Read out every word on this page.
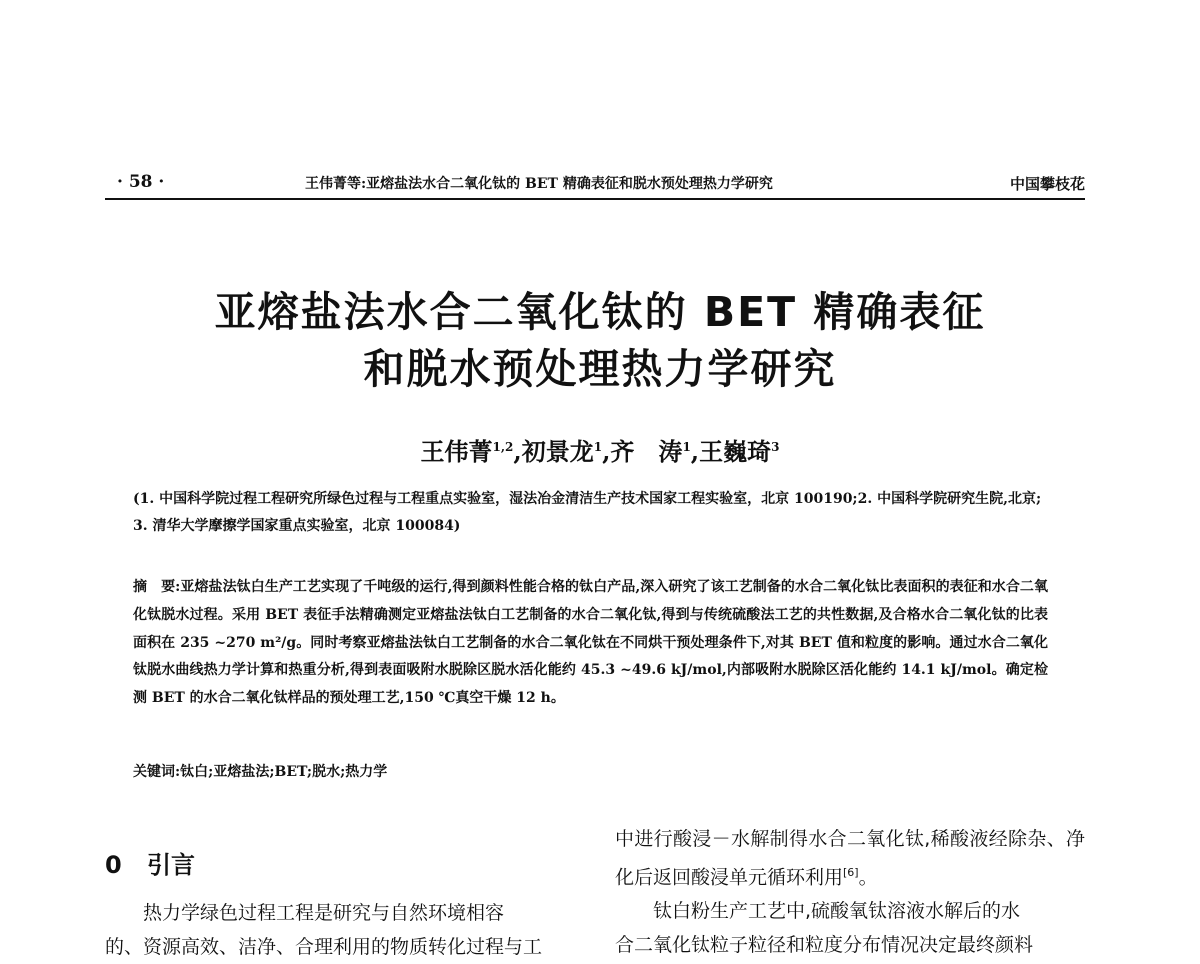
· 58 ·	王伟菁等:亚熔盐法水合二氧化钛的 BET 精确表征和脱水预处理热力学研究	中国攀枝花
亚熔盐法水合二氧化钛的 BET 精确表征
和脱水预处理热力学研究
王伟菁$^{1,2}$,初景龙$^1$,齐　涛$^1$,王巍琦$^3$
(1. 中国科学院过程工程研究所绿色过程与工程重点实验室，湿法冶金清洁生产技术国家工程实验室，北京 100190;2. 中国科学院研究生院,北京; 3. 清华大学摩擦学国家重点实验室，北京 100084)
摘　要:亚熔盐法钛白生产工艺实现了千吨级的运行,得到颜料性能合格的钛白产品,深入研究了该工艺制备的水合二氧化钛比表面积的表征和水合二氧化钛脱水过程。采用 BET 表征手法精确测定亚熔盐法钛白工艺制备的水合二氧化钛,得到与传统硫酸法工艺的共性数据,及合格水合二氧化钛的比表面积在 235 ~270 m²/g。同时考察亚熔盐法钛白工艺制备的水合二氧化钛在不同烘干预处理条件下,对其 BET 值和粒度的影响。通过水合二氧化钛脱水曲线热力学计算和热重分析,得到表面吸附水脱除区脱水活化能约 45.3 ~49.6 kJ/mol,内部吸附水脱除区活化能约 14.1 kJ/mol。确定检测 BET 的水合二氧化钛样品的预处理工艺,150 ℃真空干燥 12 h。
关键词:钛白;亚熔盐法;BET;脱水;热力学
0 引言

热力学绿色过程工程是研究与自然环境相容

的、资源高效、洁净、合理利用的物质转化过程与工

中进行酸浸－水解制得水合二氧化钛,稀酸液经除杂、净化后返回酸浸单元循环利用[6]。

钛白粉生产工艺中,硫酸氧钛溶液水解后的水

合二氧化钛粒子粒径和粒度分布情况决定最终颜料
